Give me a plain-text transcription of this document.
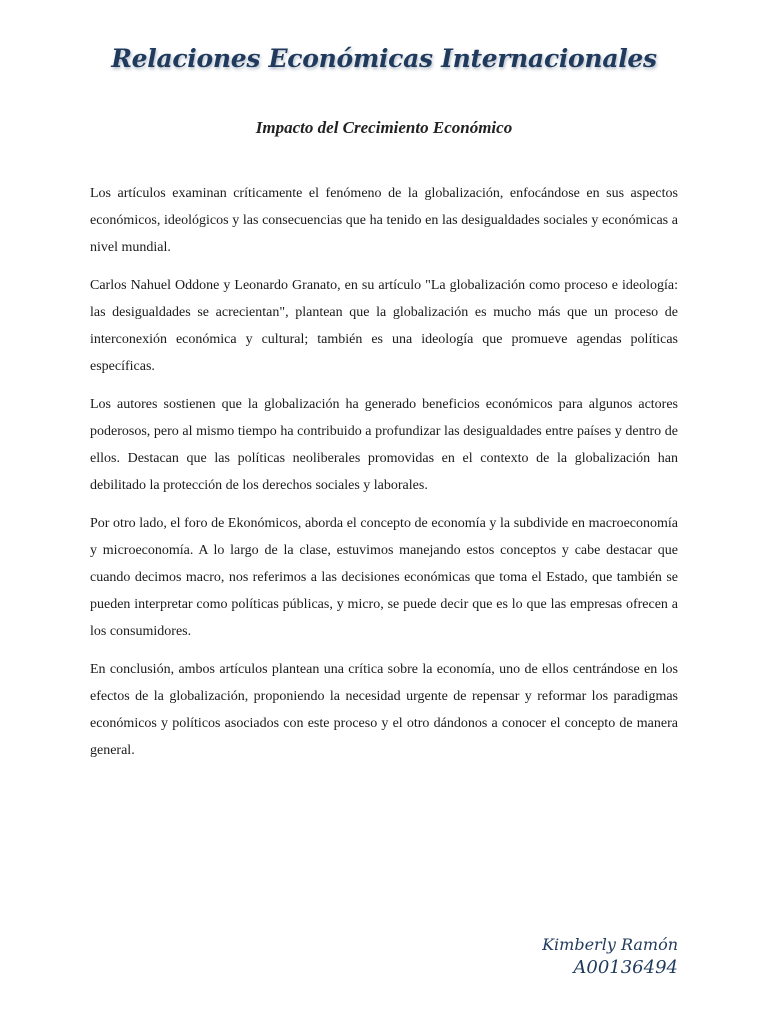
Relaciones Económicas Internacionales
Impacto del Crecimiento Económico

Los artículos examinan críticamente el fenómeno de la globalización, enfocándose en sus aspectos económicos, ideológicos y las consecuencias que ha tenido en las desigualdades sociales y económicas a nivel mundial.

Carlos Nahuel Oddone y Leonardo Granato, en su artículo "La globalización como proceso e ideología: las desigualdades se acrecientan", plantean que la globalización es mucho más que un proceso de interconexión económica y cultural; también es una ideología que promueve agendas políticas específicas.

Los autores sostienen que la globalización ha generado beneficios económicos para algunos actores poderosos, pero al mismo tiempo ha contribuido a profundizar las desigualdades entre países y dentro de ellos. Destacan que las políticas neoliberales promovidas en el contexto de la globalización han debilitado la protección de los derechos sociales y laborales.

Por otro lado, el foro de Ekonómicos, aborda el concepto de economía y la subdivide en macroeconomía y microeconomía. A lo largo de la clase, estuvimos manejando estos conceptos y cabe destacar que cuando decimos macro, nos referimos a las decisiones económicas que toma el Estado, que también se pueden interpretar como políticas públicas, y micro, se puede decir que es lo que las empresas ofrecen a los consumidores.

En conclusión, ambos artículos plantean una crítica sobre la economía, uno de ellos centrándose en los efectos de la globalización, proponiendo la necesidad urgente de repensar y reformar los paradigmas económicos y políticos asociados con este proceso y el otro dándonos a conocer el concepto de manera general.

Kimberly Ramón
A00136494
